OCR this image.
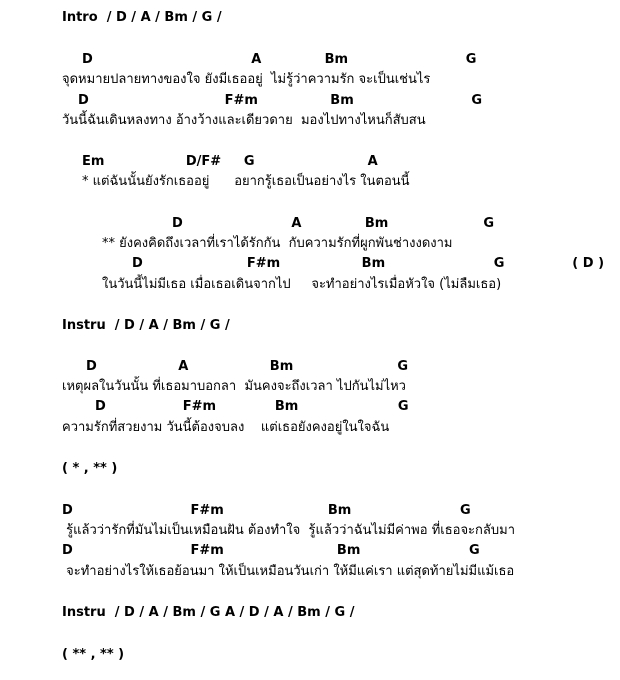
Intro  / D / A / Bm / G /
D                                   A              Bm                          G
จุดหมายปลายทางของใจ ยังมีเธออยู่  ไม่รู้ว่าความรัก จะเป็นเช่นไร
D                              F#m                Bm                          G
วันนี้ฉันเดินหลงทาง อ้างว้างและเดียวดาย  มองไปทางไหนก็สับสน
Em                  D/F#     G                         A
* แต่ฉันนั้นยังรักเธออยู่      อยากรู้เธอเป็นอย่างไร ในตอนนี้
D                        A              Bm                     G
** ยังคงคิดถึงเวลาที่เราได้รักกัน  กับความรักที่ผูกพันช่างงดงาม
D                       F#m                  Bm                        G               ( D )
ในวันนี้ไม่มีเธอ เมื่อเธอเดินจากไป     จะทำอย่างไรเมื่อหัวใจ (ไม่ลืมเธอ)
Instru  / D / A / Bm / G /
D                  A                  Bm                       G
เหตุผลในวันนั้น ที่เธอมาบอกลา  มันคงจะถึงเวลา ไปกันไม่ไหว
D                 F#m             Bm                      G
ความรักที่สวยงาม วันนี้ต้องจบลง    แต่เธอยังคงอยู่ในใจฉัน
( * , ** )
D                          F#m                       Bm                        G
รู้แล้วว่ารักที่มันไม่เป็นเหมือนฝัน ต้องทำใจ  รู้แล้วว่าฉันไม่มีค่าพอ ที่เธอจะกลับมา
D                          F#m                         Bm                        G
จะทำอย่างไรให้เธอย้อนมา ให้เป็นเหมือนวันเก่า ให้มีแค่เรา แต่สุดท้ายไม่มีแม้เธอ
Instru  / D / A / Bm / G A / D / A / Bm / G /
( ** , ** )
